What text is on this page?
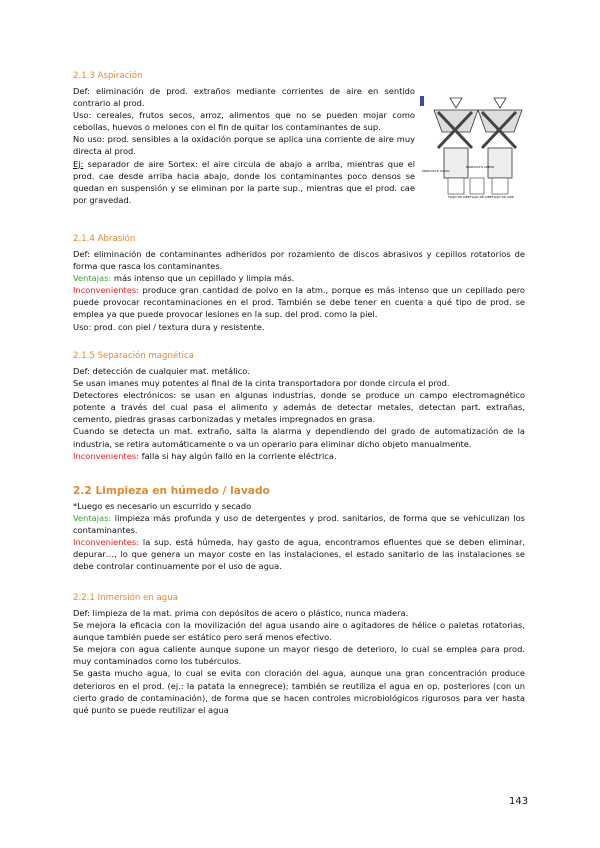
2.1.3 Aspiración

Def: eliminación de prod. extraños mediante corrientes de aire en sentido contrario al prod.

Uso: cereales, frutos secos, arroz, alimentos que no se pueden mojar como cebollas, huevos o melones con el fin de quitar los contaminantes de sup.

No uso: prod. sensibles a la oxidación porque se aplica una corriente de aire muy directa al prod.

Ej: separador de aire Sortex: el aire circula de abajo a arriba, mientras que el prod. cae desde arriba hacia abajo, donde los contaminantes poco densos se quedan en suspensión y se eliminan por la parte sup., mientras que el prod. cae por gravedad.

PRODUCTO SUCIO
PRODUCTO LIMPIO
FLUJO DE AIRE FLUJO DE AIRE FLUJO DE AIRE
2.1.4 Abrasión

Def: eliminación de contaminantes adheridos por rozamiento de discos abrasivos y cepillos rotatorios de forma que rasca los contaminantes.

Ventajas: más intenso que un cepillado y limpia más.

Inconvenientes: produce gran cantidad de polvo en la atm., porque es más intenso que un cepillado pero puede provocar recontaminaciones en el prod. También se debe tener en cuenta a qué tipo de prod. se emplea ya que puede provocar lesiones en la sup. del prod. como la piel.

Uso: prod. con piel / textura dura y resistente.

2.1.5 Separación magnética

Def: detección de cualquier mat. metálico.

Se usan imanes muy potentes al final de la cinta transportadora por donde circula el prod.

Detectores electrónicos: se usan en algunas industrias, donde se produce un campo electromagnético potente a través del cual pasa el alimento y además de detectar metales, detectan part. extrañas, cemento, piedras grasas carbonizadas y metales impregnados en grasa.

Cuando se detecta un mat. extraño, salta la alarma y dependiendo del grado de automatización de la industria, se retira automáticamente o va un operario para eliminar dicho objeto manualmente.

Inconvenientes: falla si hay algún fallo en la corriente eléctrica.

2.2 Limpieza en húmedo / lavado

*Luego es necesario un escurrido y secado

Ventajas: limpieza más profunda y uso de detergentes y prod. sanitarios, de forma que se vehiculizan los contaminantes.

Inconvenientes: la sup. está húmeda, hay gasto de agua, encontramos efluentes que se deben eliminar, depurar…, lo que genera un mayor coste en las instalaciones, el estado sanitario de las instalaciones se debe controlar continuamente por el uso de agua.

2.2.1 Inmersión en agua

Def: limpieza de la mat. prima con depósitos de acero o plástico, nunca madera.

Se mejora la eficacia con la movilización del agua usando aire o agitadores de hélice o paletas rotatorias, aunque también puede ser estático pero será menos efectivo.

Se mejora con agua caliente aunque supone un mayor riesgo de deterioro, lo cual se emplea para prod. muy contaminados como los tubérculos.

Se gasta mucho agua, lo cual se evita con cloración del agua, aunque una gran concentración produce deterioros en el prod. (ej.: la patata la ennegrece); también se reutiliza el agua en op. posteriores (con un cierto grado de contaminación), de forma que se hacen controles microbiológicos rigurosos para ver hasta qué punto se puede reutilizar el agua

143
